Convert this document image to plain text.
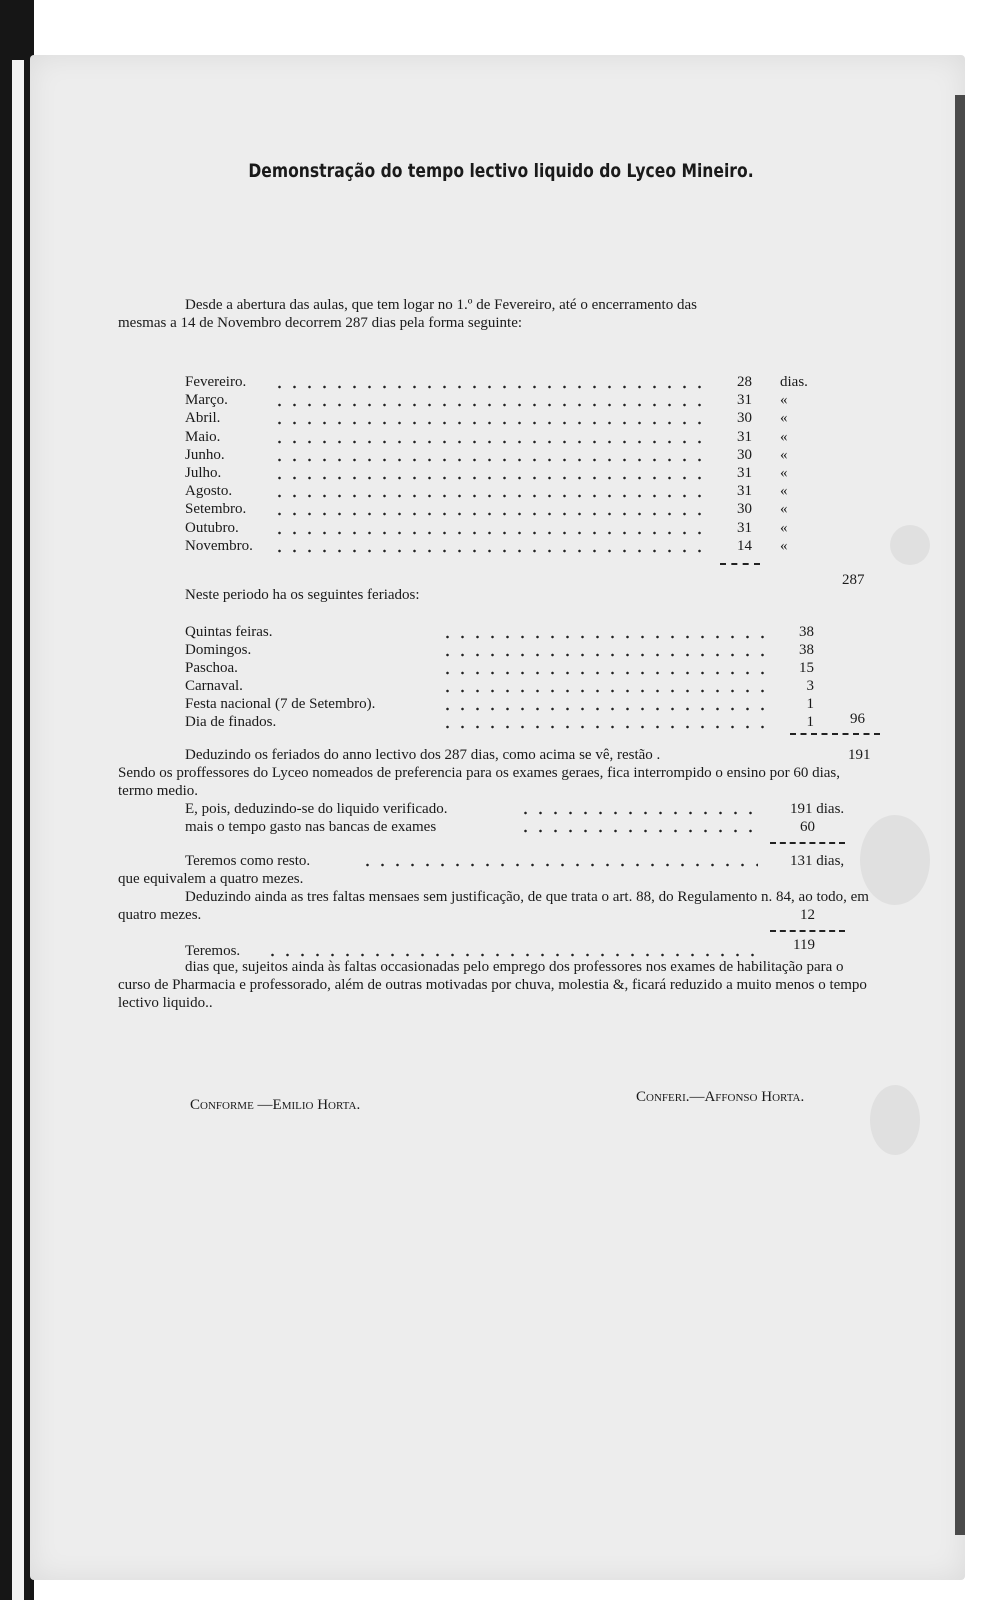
Demonstração do tempo lectivo liquido do Lyceo Mineiro.
Desde a abertura das aulas, que tem logar no 1.º de Fevereiro, até o encerramento das
mesmas a 14 de Novembro decorrem 287 dias pela forma seguinte:
Fevereiro.	28 dias.
Março.	31 «
Abril.	30 «
Maio.	31 «
Junho.	30 «
Julho.	31 «
Agosto.	31 «
Setembro.	30 «
Outubro.	31 «
Novembro.	14 «
287
Neste periodo ha os seguintes feriados:
Quintas feiras.	38
Domingos.	38
Paschoa.	15
Carnaval.	3
Festa nacional (7 de Setembro).	1
Dia de finados.	1 96
Deduzindo os feriados do anno lectivo dos 287 dias, como acima se vê, restão .	191
Sendo os proffessores do Lyceo nomeados de preferencia para os exames geraes, fica interrompido o ensino por 60 dias, termo medio.
E, pois, deduzindo-se do liquido verificado.	191 dias.
mais o tempo gasto nas bancas de exames	60
Teremos como resto.	131 dias,
que equivalem a quatro mezes.
Deduzindo ainda as tres faltas mensaes sem justificação, de que trata o art. 88, do Regulamento n. 84, ao todo, em quatro mezes.	12
Teremos.	119
dias que, sujeitos ainda às faltas occasionadas pelo emprego dos professores nos exames de habilitação para o curso de Pharmacia e professorado, além de outras motivadas por chuva, molestia &, ficará reduzido a muito menos o tempo lectivo liquido..
Conforme —Emilio Horta.	Conferi.—Affonso Horta.
